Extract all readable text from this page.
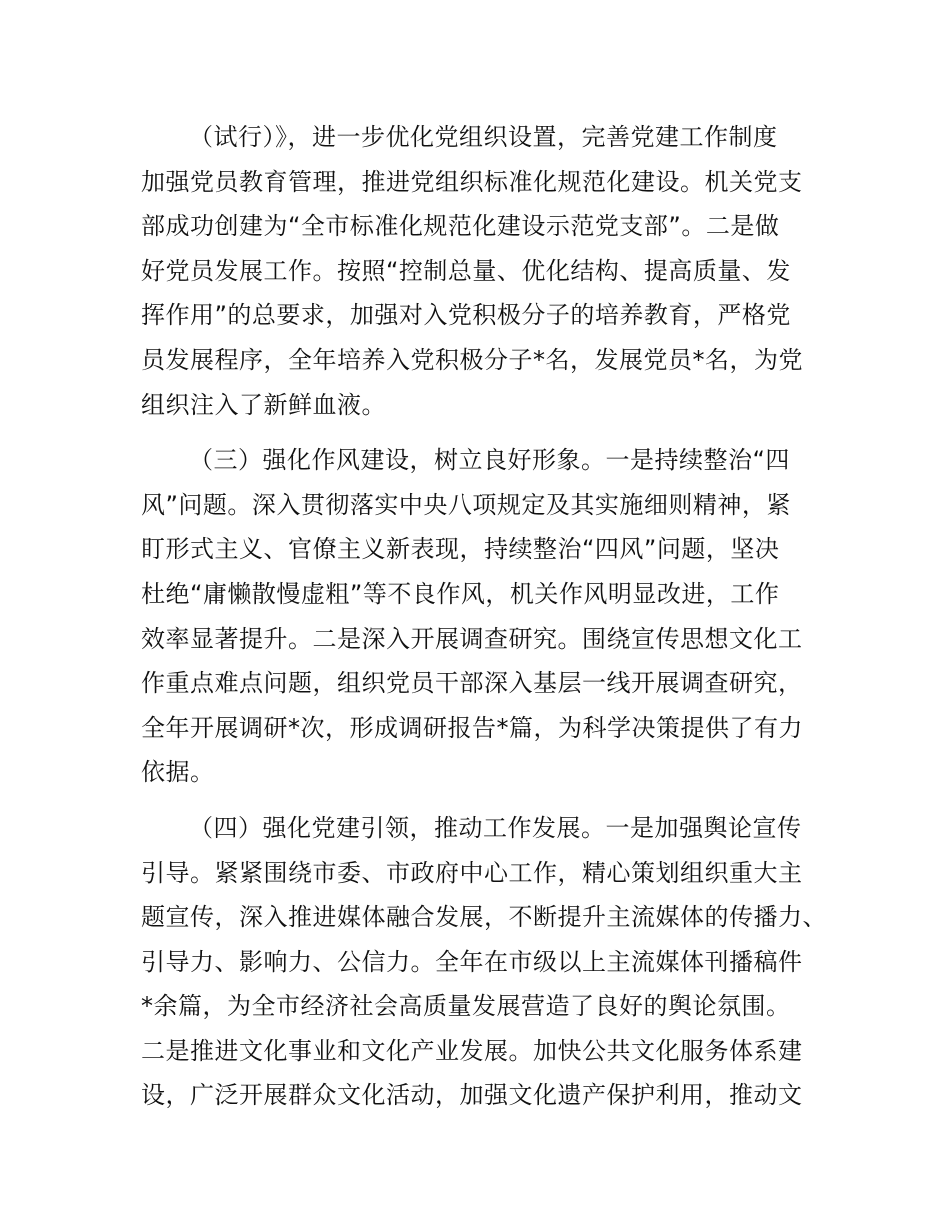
（试行）》，进一步优化党组织设置，完善党建工作制度
加强党员教育管理，推进党组织标准化规范化建设。机关党支
部成功创建为“全市标准化规范化建设示范党支部”。二是做
好党员发展工作。按照“控制总量、优化结构、提高质量、发
挥作用”的总要求，加强对入党积极分子的培养教育，严格党
员发展程序，全年培养入党积极分子*名，发展党员*名，为党
组织注入了新鲜血液。
（三）强化作风建设，树立良好形象。一是持续整治“四
风”问题。深入贯彻落实中央八项规定及其实施细则精神，紧
盯形式主义、官僚主义新表现，持续整治“四风”问题，坚决
杜绝“庸懒散慢虚粗”等不良作风，机关作风明显改进，工作
效率显著提升。二是深入开展调查研究。围绕宣传思想文化工
作重点难点问题，组织党员干部深入基层一线开展调查研究，
全年开展调研*次，形成调研报告*篇，为科学决策提供了有力
依据。
（四）强化党建引领，推动工作发展。一是加强舆论宣传
引导。紧紧围绕市委、市政府中心工作，精心策划组织重大主
题宣传，深入推进媒体融合发展，不断提升主流媒体的传播力、
引导力、影响力、公信力。全年在市级以上主流媒体刊播稿件
*余篇，为全市经济社会高质量发展营造了良好的舆论氛围。
二是推进文化事业和文化产业发展。加快公共文化服务体系建
设，广泛开展群众文化活动，加强文化遗产保护利用，推动文
